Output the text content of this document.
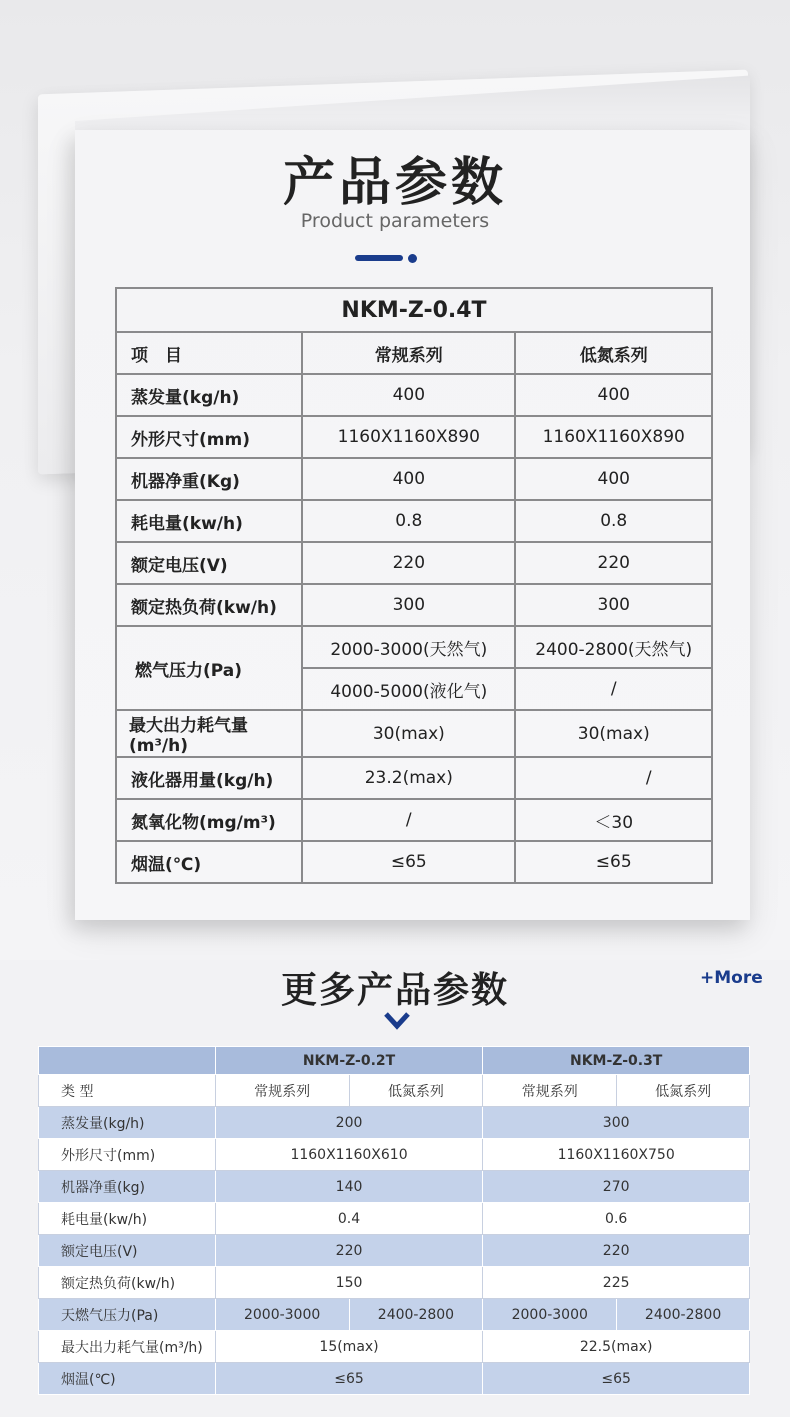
产品参数
Product parameters
NKM-Z-0.4T		
项　目	常规系列	低氮系列
蒸发量(kg/h)	400	400
外形尺寸(mm)	1160X1160X890	1160X1160X890
机器净重(Kg)	400	400
耗电量(kw/h)	0.8	0.8
额定电压(V)	220	220
额定热负荷(kw/h)	300	300
燃气压力(Pa)	2000-3000(天然气)	2400-2800(天然气)
	4000-5000(液化气)	/
最大出力耗气量(m³/h)	30(max)	30(max)
液化器用量(kg/h)	23.2(max)	/
氮氧化物(mg/m³)	/	＜30
烟温(℃)	≤65	≤65
更多产品参数	+More
	NKM-Z-0.2T		NKM-Z-0.3T	
类 型	常规系列	低氮系列	常规系列	低氮系列
蒸发量(kg/h)	200		300	
外形尺寸(mm)	1160X1160X610		1160X1160X750	
机器净重(kg)	140		270	
耗电量(kw/h)	0.4		0.6	
额定电压(V)	220		220	
额定热负荷(kw/h)	150		225	
天燃气压力(Pa)	2000-3000	2400-2800	2000-3000	2400-2800
最大出力耗气量(m³/h)	15(max)		22.5(max)	
烟温(℃)	≤65		≤65	
